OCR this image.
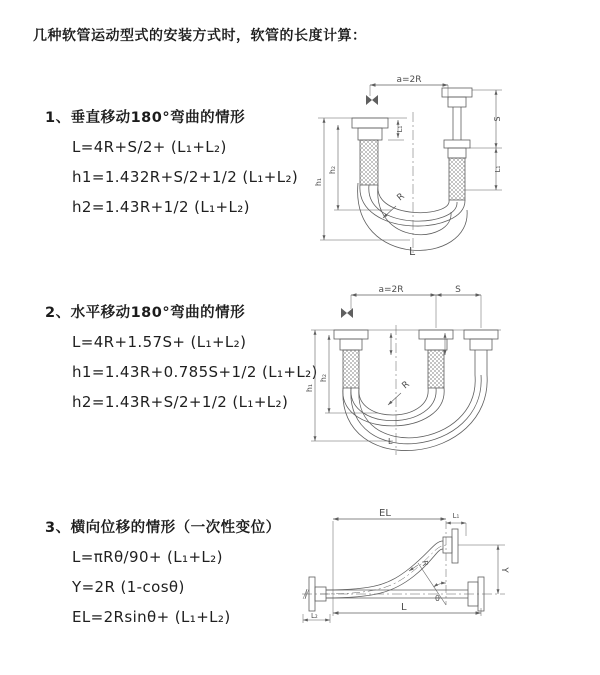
几种软管运动型式的安装方式时，软管的长度计算：
1、垂直移动180°弯曲的情形
L=4R+S/2+ (L₁+L₂)
h1=1.432R+S/2+1/2 (L₁+L₂)
h2=1.43R+1/2 (L₁+L₂)
2、水平移动180°弯曲的情形
L=4R+1.57S+ (L₁+L₂)
h1=1.43R+0.785S+1/2 (L₁+L₂)
h2=1.43R+S/2+1/2 (L₁+L₂)
3、横向位移的情形（一次性变位）
L=πRθ/90+ (L₁+L₂)
Y=2R (1-cosθ)
EL=2Rsinθ+ (L₁+L₂)
a=2R
L₁
S
L₁
h₁
h₂
R
L
a=2R	S
h₁
h₂
R
L
EL	L₁
Y
R
θ
L
L₂
